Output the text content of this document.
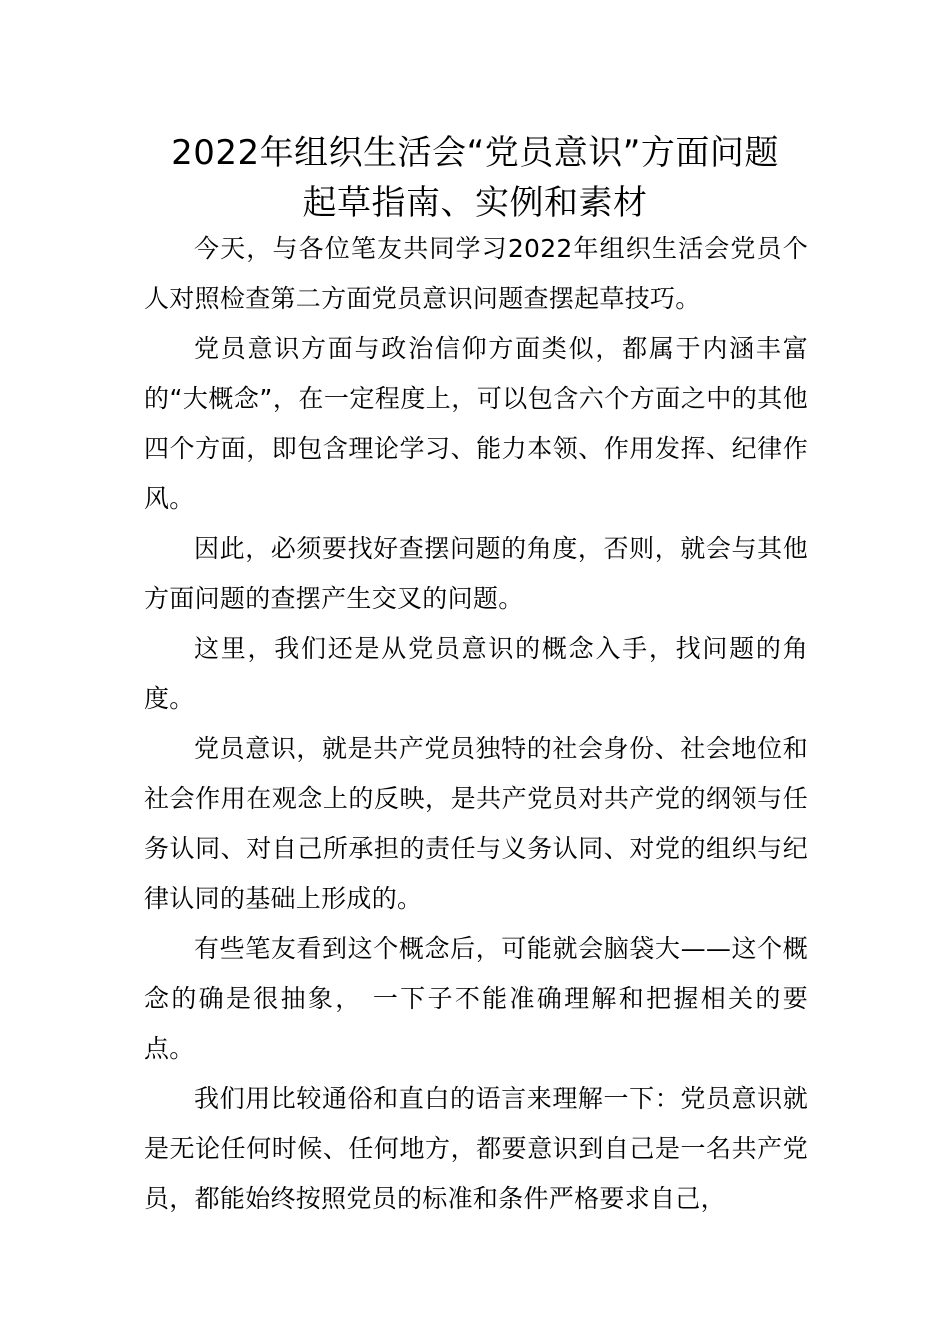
2022年组织生活会“党员意识”方面问题
起草指南、实例和素材

今天，与各位笔友共同学习2022年组织生活会党员个人对照检查第二方面党员意识问题查摆起草技巧。

党员意识方面与政治信仰方面类似，都属于内涵丰富的“大概念”，在一定程度上，可以包含六个方面之中的其他四个方面，即包含理论学习、能力本领、作用发挥、纪律作风。

因此，必须要找好查摆问题的角度，否则，就会与其他方面问题的查摆产生交叉的问题。

这里，我们还是从党员意识的概念入手，找问题的角度。

党员意识，就是共产党员独特的社会身份、社会地位和社会作用在观念上的反映，是共产党员对共产党的纲领与任务认同、对自己所承担的责任与义务认同、对党的组织与纪律认同的基础上形成的。

有些笔友看到这个概念后，可能就会脑袋大——这个概念的确是很抽象， 一下子不能准确理解和把握相关的要点。

我们用比较通俗和直白的语言来理解一下：党员意识就是无论任何时候、任何地方，都要意识到自己是一名共产党员，都能始终按照党员的标准和条件严格要求自己，
